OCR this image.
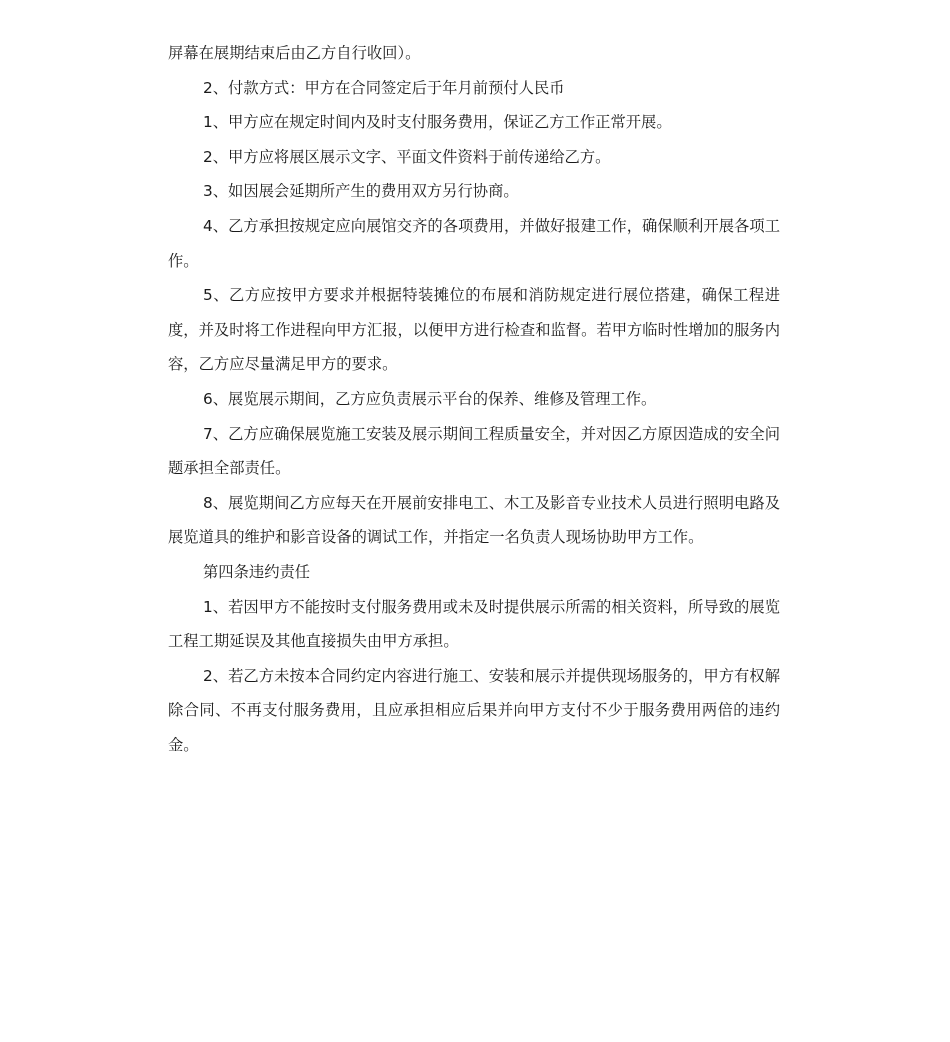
屏幕在展期结束后由乙方自行收回）。

2、付款方式：甲方在合同签定后于年月前预付人民币

1、甲方应在规定时间内及时支付服务费用，保证乙方工作正常开展。

2、甲方应将展区展示文字、平面文件资料于前传递给乙方。

3、如因展会延期所产生的费用双方另行协商。

4、乙方承担按规定应向展馆交齐的各项费用，并做好报建工作，确保顺利开展各项工作。

5、乙方应按甲方要求并根据特装摊位的布展和消防规定进行展位搭建，确保工程进度，并及时将工作进程向甲方汇报，以便甲方进行检查和监督。若甲方临时性增加的服务内容，乙方应尽量满足甲方的要求。

6、展览展示期间，乙方应负责展示平台的保养、维修及管理工作。

7、乙方应确保展览施工安装及展示期间工程质量安全，并对因乙方原因造成的安全问题承担全部责任。

8、展览期间乙方应每天在开展前安排电工、木工及影音专业技术人员进行照明电路及展览道具的维护和影音设备的调试工作，并指定一名负责人现场协助甲方工作。

第四条违约责任

1、若因甲方不能按时支付服务费用或未及时提供展示所需的相关资料，所导致的展览工程工期延误及其他直接损失由甲方承担。

2、若乙方未按本合同约定内容进行施工、安装和展示并提供现场服务的，甲方有权解除合同、不再支付服务费用，且应承担相应后果并向甲方支付不少于服务费用两倍的违约金。
